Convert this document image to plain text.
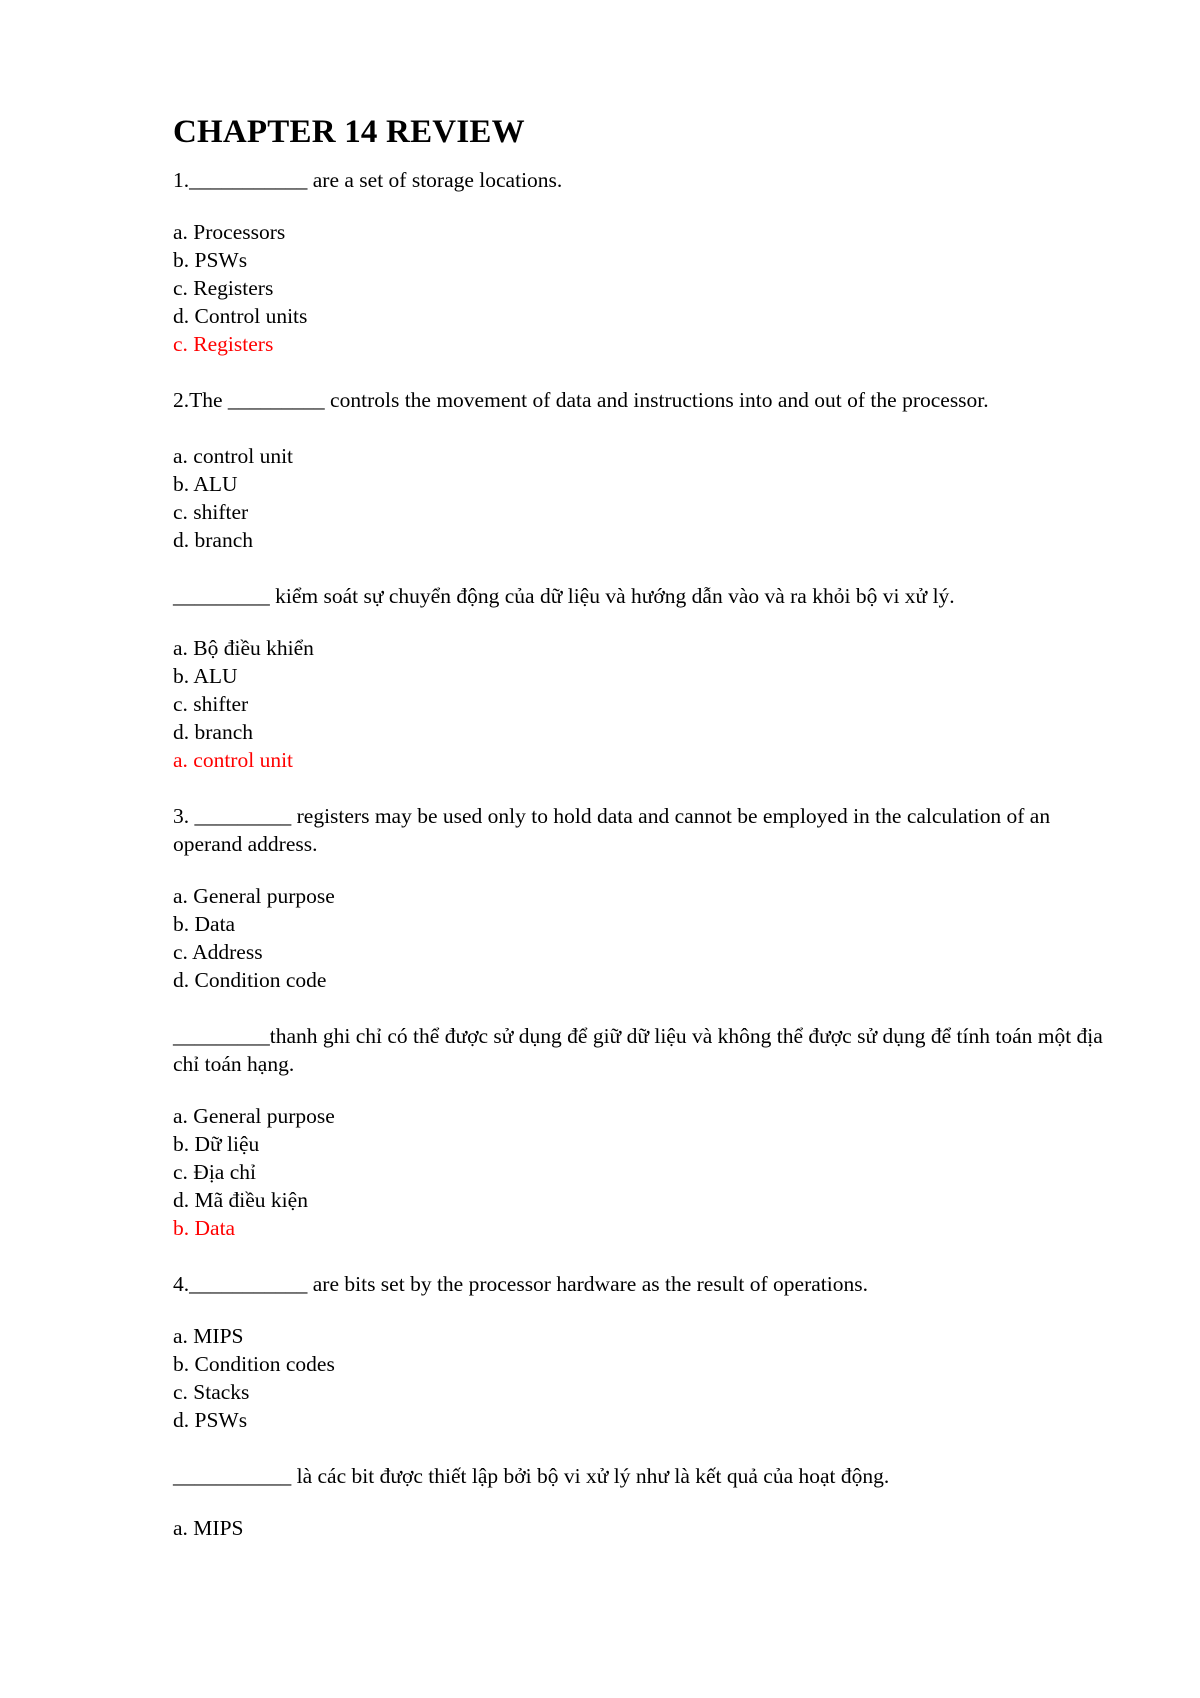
CHAPTER 14 REVIEW
1.___________ are a set of storage locations.
a. Processors
b. PSWs
c. Registers
d. Control units
c. Registers
2.The _________ controls the movement of data and instructions into and out of the processor.
a. control unit
b. ALU
c. shifter
d. branch
_________ kiểm soát sự chuyển động của dữ liệu và hướng dẫn vào và ra khỏi bộ vi xử lý.
a. Bộ điều khiển
b. ALU
c. shifter
d. branch
a. control unit
3. _________ registers may be used only to hold data and cannot be employed in the calculation of an operand address.
a. General purpose
b. Data
c. Address
d. Condition code
_________thanh ghi chỉ có thể được sử dụng để giữ dữ liệu và không thể được sử dụng để tính toán một địa chỉ toán hạng.
a. General purpose
b. Dữ liệu
c. Địa chỉ
d. Mã điều kiện
b. Data
4.___________ are bits set by the processor hardware as the result of operations.
a. MIPS
b. Condition codes
c. Stacks
d. PSWs
___________ là các bit được thiết lập bởi bộ vi xử lý như là kết quả của hoạt động.
a. MIPS
